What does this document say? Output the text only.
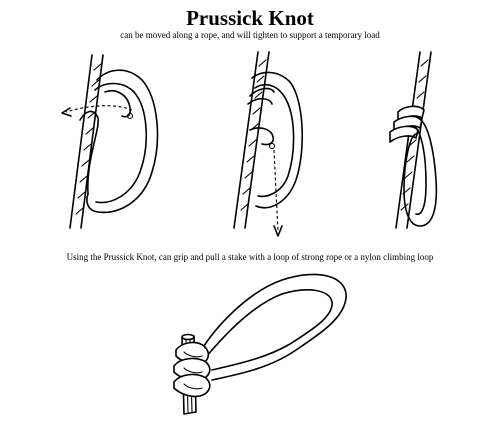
Prussick Knot
can be moved along a rope, and will tighten to support a temporary load
Using the Prussick Knot, can grip and pull a stake with a loop of strong rope or a nylon climbing loop
